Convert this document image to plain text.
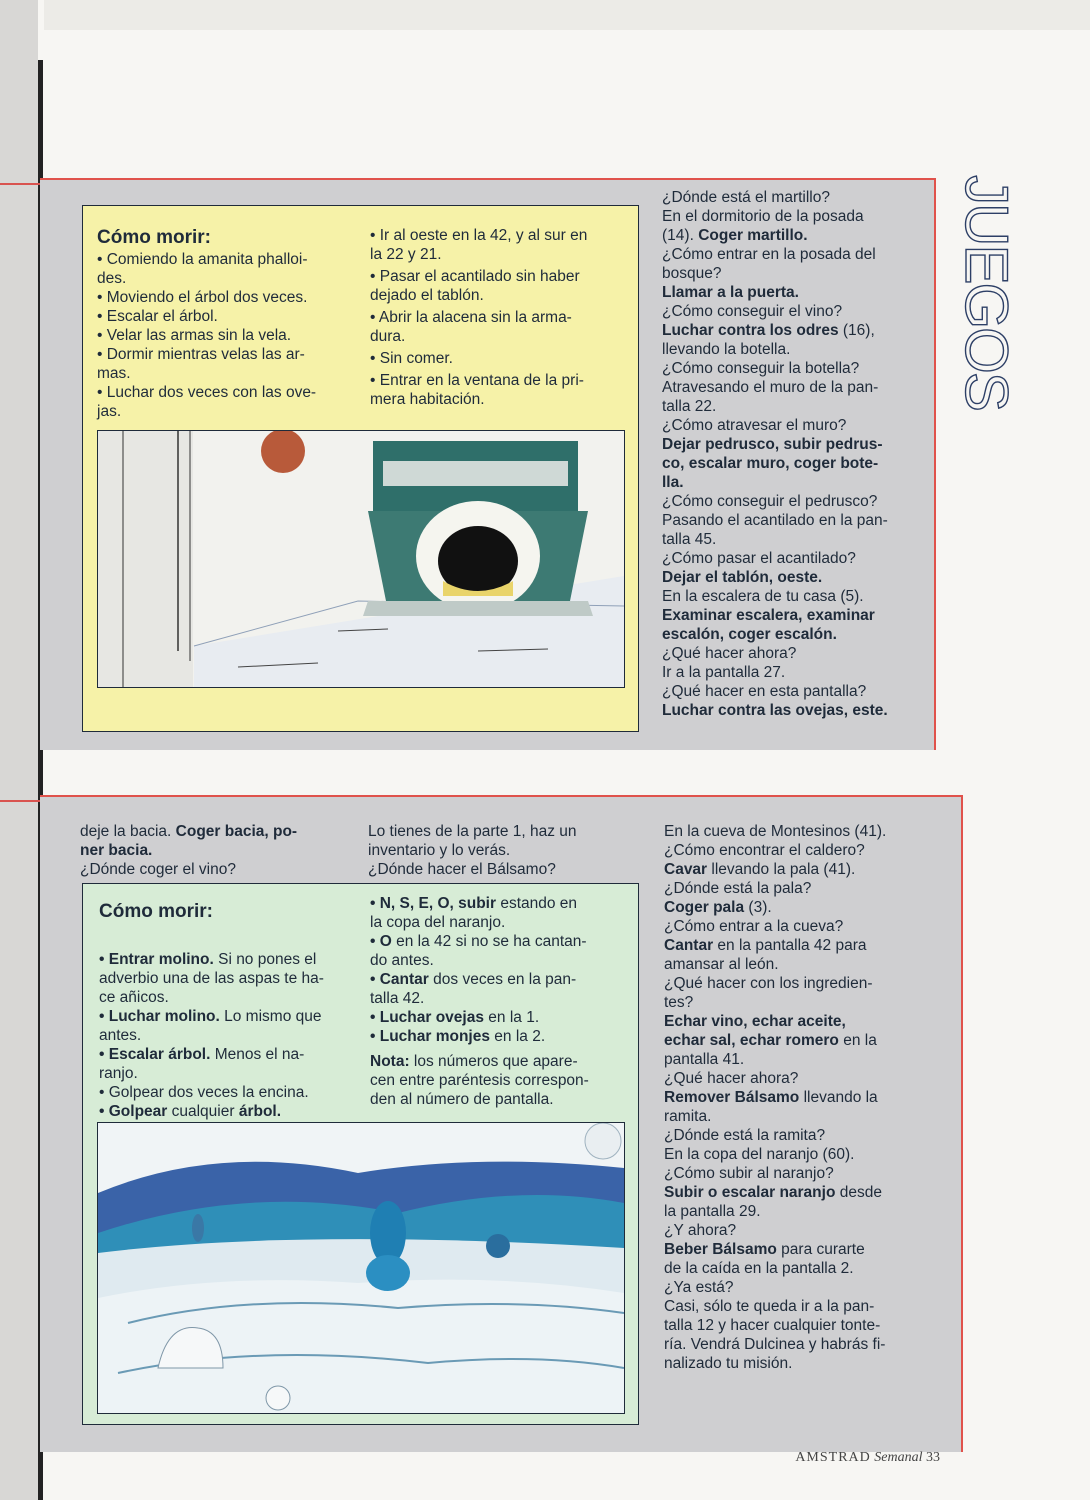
JUEGOS

Cómo morir:

• Comiendo la amanita phalloi-

des.

• Moviendo el árbol dos veces.

• Escalar el árbol.

• Velar las armas sin la vela.

• Dormir mientras velas las ar-

mas.

• Luchar dos veces con las ove-

jas.

• Ir al oeste en la 42, y al sur en

la 22 y 21.

• Pasar el acantilado sin haber

dejado el tablón.

• Abrir la alacena sin la arma-

dura.

• Sin comer.

• Entrar en la ventana de la pri-

mera habitación.

¿Dónde está el martillo?

En el dormitorio de la posada

(14). Coger martillo.

¿Cómo entrar en la posada del

bosque?

Llamar a la puerta.

¿Cómo conseguir el vino?

Luchar contra los odres (16),

llevando la botella.

¿Cómo conseguir la botella?

Atravesando el muro de la pan-

talla 22.

¿Cómo atravesar el muro?

Dejar pedrusco, subir pedrus-

co, escalar muro, coger bote-

lla.

¿Cómo conseguir el pedrusco?

Pasando el acantilado en la pan-

talla 45.

¿Cómo pasar el acantilado?

Dejar el tablón, oeste.

En la escalera de tu casa (5).

Examinar escalera, examinar

escalón, coger escalón.

¿Qué hacer ahora?

Ir a la pantalla 27.

¿Qué hacer en esta pantalla?

Luchar contra las ovejas, este.

deje la bacia. Coger bacia, po-

ner bacia.

¿Dónde coger el vino?

Lo tienes de la parte 1, haz un

inventario y lo verás.

¿Dónde hacer el Bálsamo?

Cómo morir:

• Entrar molino. Si no pones el

adverbio una de las aspas te ha-

ce añicos.

• Luchar molino. Lo mismo que

antes.

• Escalar árbol. Menos el na-

ranjo.

• Golpear dos veces la encina.

• Golpear cualquier árbol.

• N, S, E, O, subir estando en

la copa del naranjo.

• O en la 42 si no se ha cantan-

do antes.

• Cantar dos veces en la pan-

talla 42.

• Luchar ovejas en la 1.

• Luchar monjes en la 2.

Nota: los números que apare-

cen entre paréntesis correspon-

den al número de pantalla.

En la cueva de Montesinos (41).

¿Cómo encontrar el caldero?

Cavar llevando la pala (41).

¿Dónde está la pala?

Coger pala (3).

¿Cómo entrar a la cueva?

Cantar en la pantalla 42 para

amansar al león.

¿Qué hacer con los ingredien-

tes?

Echar vino, echar aceite,

echar sal, echar romero en la

pantalla 41.

¿Qué hacer ahora?

Remover Bálsamo llevando la

ramita.

¿Dónde está la ramita?

En la copa del naranjo (60).

¿Cómo subir al naranjo?

Subir o escalar naranjo desde

la pantalla 29.

¿Y ahora?

Beber Bálsamo para curarte

de la caída en la pantalla 2.

¿Ya está?

Casi, sólo te queda ir a la pan-

talla 12 y hacer cualquier tonte-

ría. Vendrá Dulcinea y habrás fi-

nalizado tu misión.

AMSTRAD Semanal 33
